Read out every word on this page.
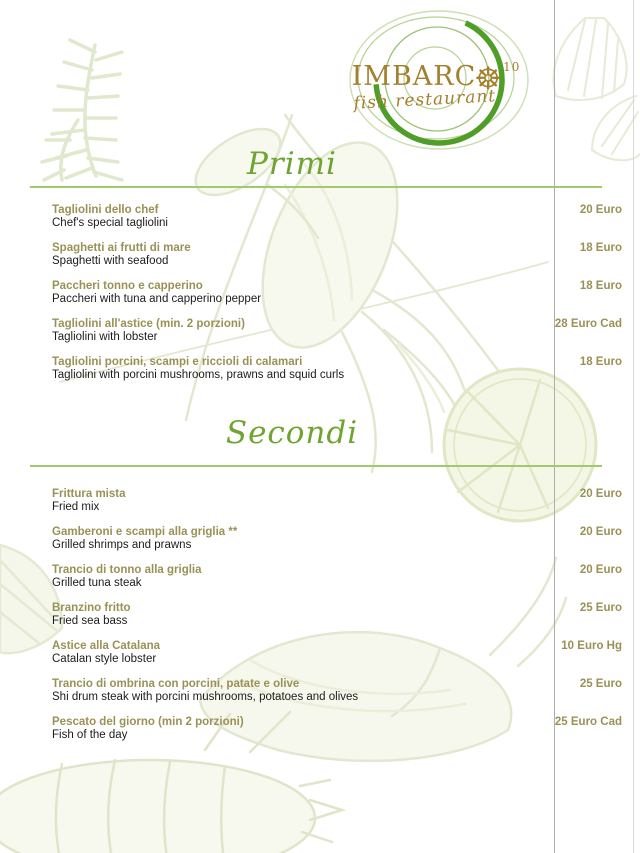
IMBARC☸$^{10}$
fish restaurant
Primi
Tagliolini dello chef
Chef's special tagliolini
20 Euro
Spaghetti ai frutti di mare
Spaghetti with seafood
18 Euro
Paccheri tonno e capperino
Paccheri with tuna and capperino pepper
18 Euro
Tagliolini all'astice (min. 2 porzioni)
Tagliolini with lobster
28 Euro Cad
Tagliolini porcini, scampi e riccioli di calamari
Tagliolini with porcini mushrooms, prawns and squid curls
18 Euro
Secondi
Frittura mista
Fried mix
20 Euro
Gamberoni e scampi alla griglia **
Grilled shrimps and prawns
20 Euro
Trancio di tonno alla griglia
Grilled tuna steak
20 Euro
Branzino fritto
Fried sea bass
25 Euro
Astice alla Catalana
Catalan style lobster
10 Euro Hg
Trancio di ombrina con porcini, patate e olive
Shi drum steak with porcini mushrooms, potatoes and olives
25 Euro
Pescato del giorno (min 2 porzioni)
Fish of the day
25 Euro Cad
